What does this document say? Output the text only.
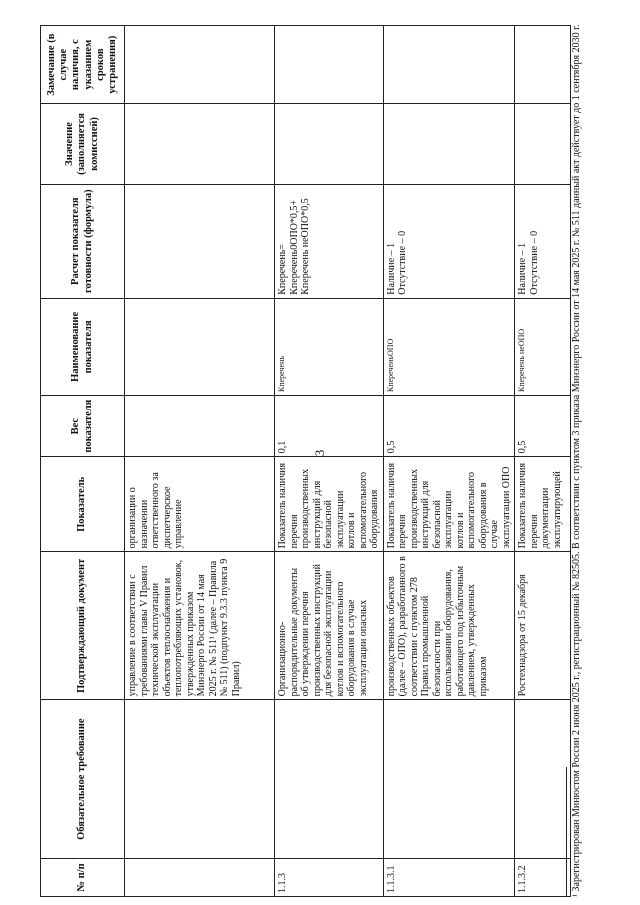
3
№ п/п	Обязательное требование	Подтверждающий документ	Показатель	Вес показателя	Наименование показателя	Расчет показателя готовности (формула)	Значение (заполняется комиссией)	Замечание (в случае наличия, с указанием сроков устранения)
		управление в соответствии с требованиями главы V Правил технической эксплуатации объектов теплоснабжения и теплопотребляющих установок, утвержденных приказом Минэнерго России от 14 мая 2025 г. № 511¹ (далее – Правила № 511) (подпункт 9.3.3 пункта 9 Правил)	организации о назначении ответственного за диспетчерское управление					
1.1.3		Организационно-распорядительные документы об утверждении перечня производственных инструкций для безопасной эксплуатации котлов и вспомогательного оборудования в случае эксплуатации опасных	Показатель наличия перечня производственных инструкций для безопасной эксплуатации котлов и вспомогательного оборудования	0,1	Кперечень	Кперечень= Кперечень0ОПО*0,5+ Кперечень неОПО*0,5		

1.1.3.1		производственных объектов (далее – ОПО), разработанного в соответствии с пунктом 278 Правил промышленной безопасности при использовании оборудования, работающего под избыточным давлением, утвержденных приказом	Показатель наличия перечня производственных инструкций для безопасной эксплуатации котлов и вспомогательного оборудования в случае эксплуатации ОПО	0,5	КперечеиьОПО	Наличие – 1 Отсутствие – 0		

1.1.3.2		Ростехнадзора от 15 декабря	Показатель наличия перечня документации эксплуатирующей	0,5	Кперечень неОПО	Наличие – 1 Отсутствие – 0		
			¹ Зарегистрирован Минюстом России 2 июня 2025 г., регистрационный № 82505. В соответствии с пунктом 3 приказа Минэнерго России от 14 мая 2025 г. № 511 данный акт действует до 1 сентября 2030 г.
